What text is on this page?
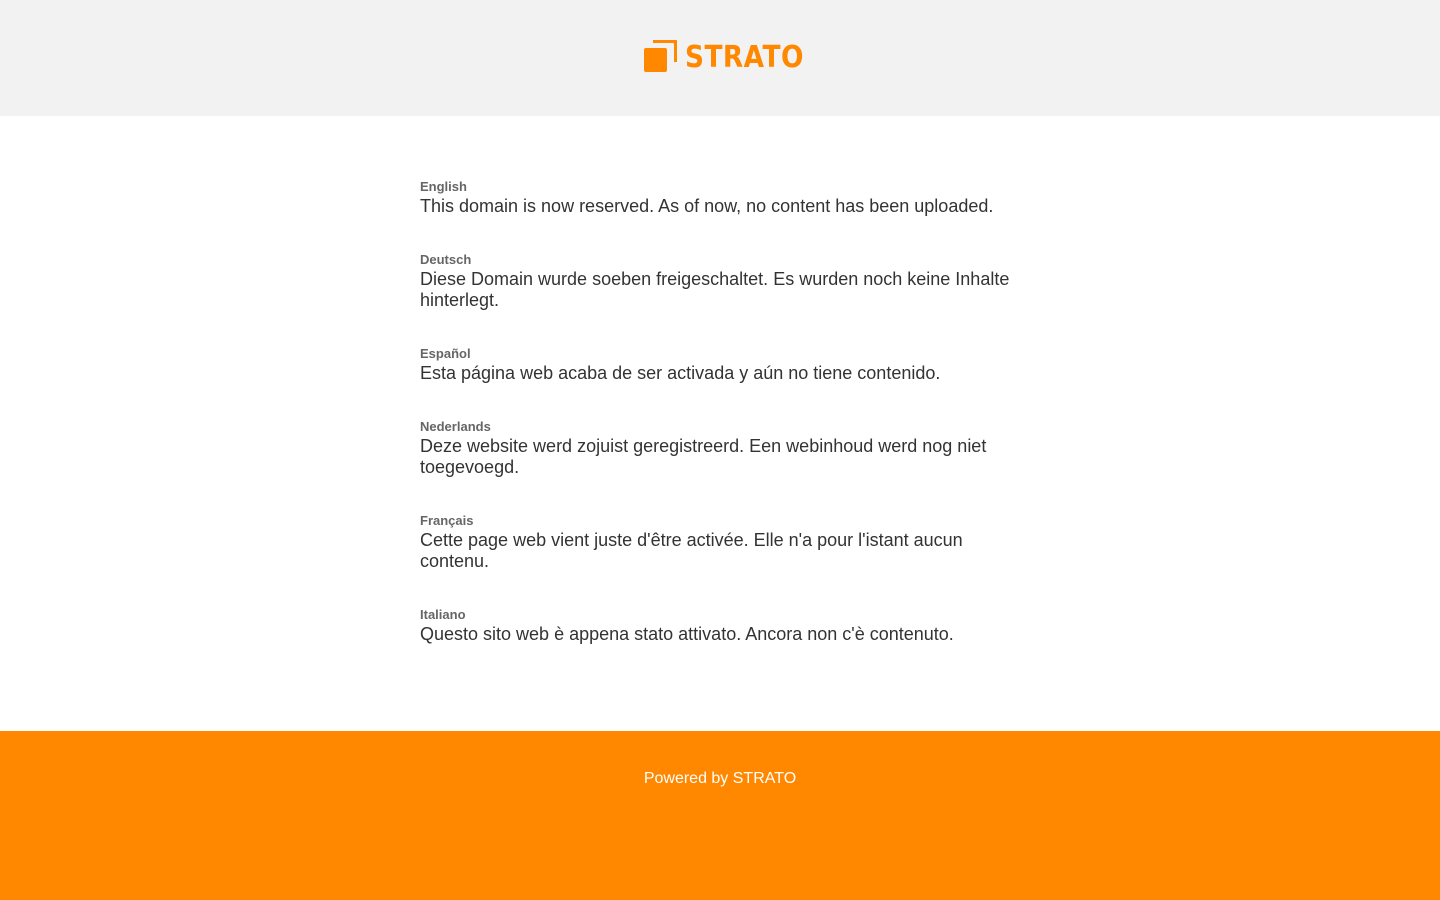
STRATO

English

This domain is now reserved. As of now, no content has been uploaded.

Deutsch

Diese Domain wurde soeben freigeschaltet. Es wurden noch keine Inhalte hinterlegt.

Español

Esta página web acaba de ser activada y aún no tiene contenido.

Nederlands

Deze website werd zojuist geregistreerd. Een webinhoud werd nog niet toegevoegd.

Français

Cette page web vient juste d'être activée. Elle n'a pour l'istant aucun contenu.

Italiano

Questo sito web è appena stato attivato. Ancora non c'è contenuto.

Powered by STRATO
